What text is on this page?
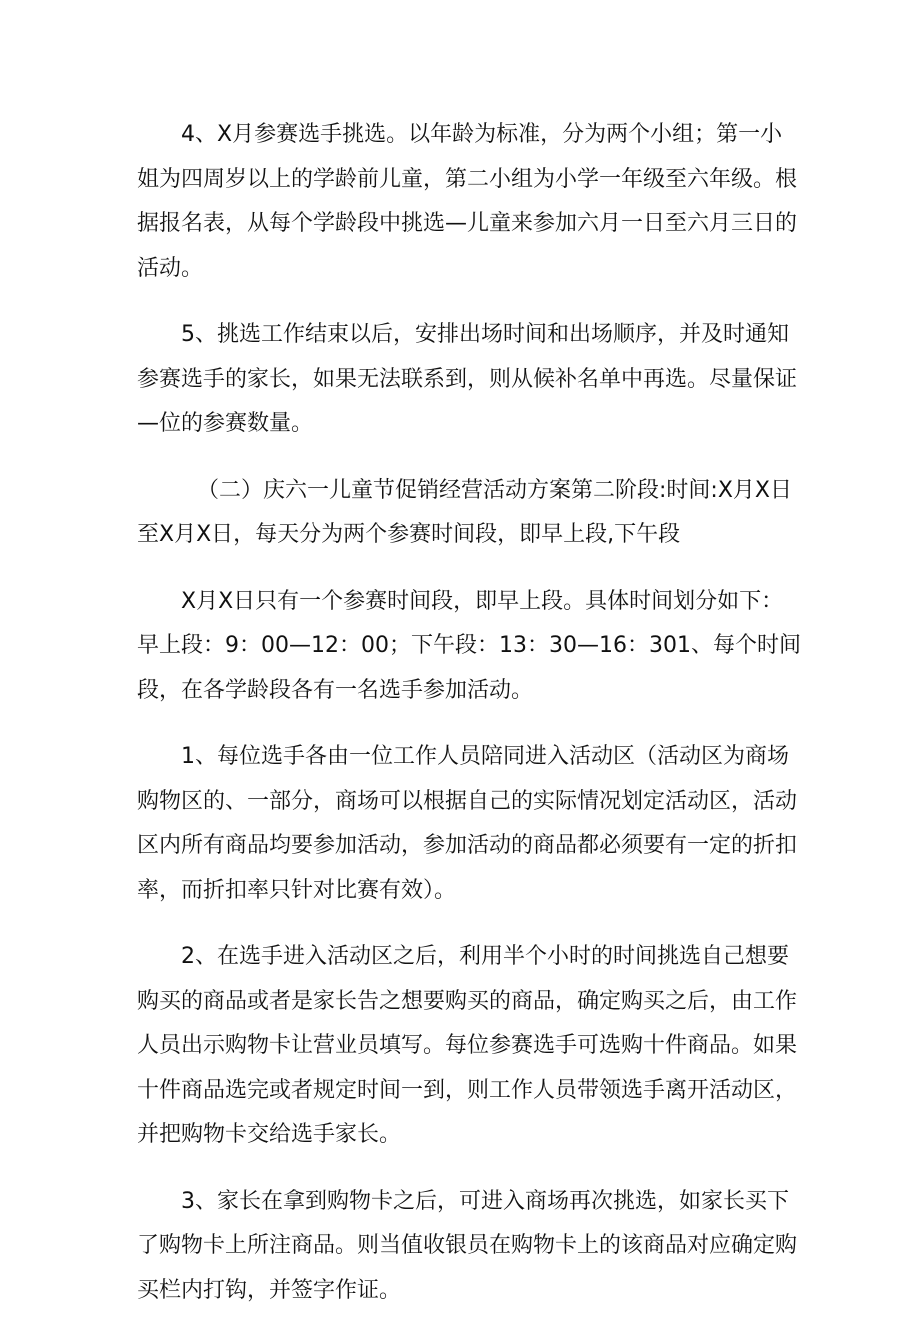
4、X月参赛选手挑选。以年龄为标准，分为两个小组；第一小
姐为四周岁以上的学龄前儿童，第二小组为小学一年级至六年级。根
据报名表，从每个学龄段中挑选—儿童来参加六月一日至六月三日的
活动。
5、挑选工作结束以后，安排出场时间和出场顺序，并及时通知
参赛选手的家长，如果无法联系到，则从候补名单中再选。尽量保证
—位的参赛数量。
（二）庆六一儿童节促销经营活动方案第二阶段:时间:X月X日
至X月X日，每天分为两个参赛时间段，即早上段,下午段
X月X日只有一个参赛时间段，即早上段。具体时间划分如下：
早上段：9：00—12：00；下午段：13：30—16：301、每个时间
段，在各学龄段各有一名选手参加活动。
1、每位选手各由一位工作人员陪同进入活动区（活动区为商场
购物区的、一部分，商场可以根据自己的实际情况划定活动区，活动
区内所有商品均要参加活动，参加活动的商品都必须要有一定的折扣
率，而折扣率只针对比赛有效）。
2、在选手进入活动区之后，利用半个小时的时间挑选自己想要
购买的商品或者是家长告之想要购买的商品，确定购买之后，由工作
人员出示购物卡让营业员填写。每位参赛选手可选购十件商品。如果
十件商品选完或者规定时间一到，则工作人员带领选手离开活动区，
并把购物卡交给选手家长。
3、家长在拿到购物卡之后，可进入商场再次挑选，如家长买下
了购物卡上所注商品。则当值收银员在购物卡上的该商品对应确定购
买栏内打钩，并签字作证。
